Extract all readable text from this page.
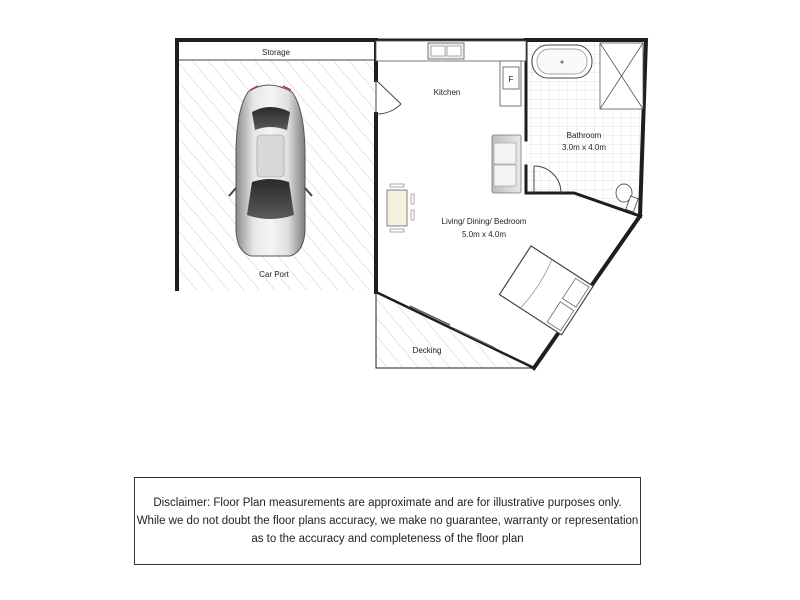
F
Storage
Car Port
Kitchen
Bathroom
3.0m x 4.0m
Living/ Dining/ Bedroom
5.0m x 4.0m
Decking
Disclaimer: Floor Plan measurements are approximate and are for illustrative purposes only.
While we do not doubt the floor plans accuracy, we make no guarantee, warranty or representation
as to the accuracy and completeness of the floor plan
